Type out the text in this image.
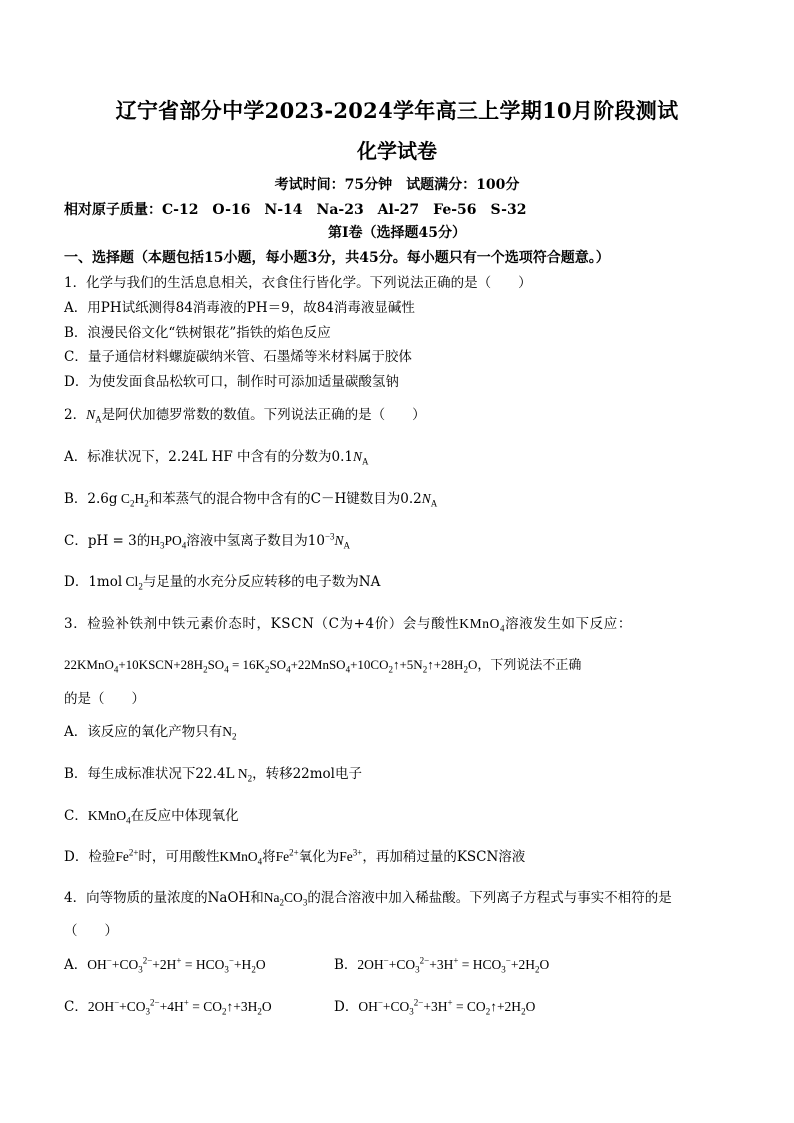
辽宁省部分中学2023-2024学年高三上学期10月阶段测试
化学试卷
考试时间：75分钟　试题满分：100分
相对原子质量：C-12　O-16　N-14　Na-23　Al-27　Fe-56　S-32
第Ⅰ卷（选择题45分）
一、选择题（本题包括15小题，每小题3分，共45分。每小题只有一个选项符合题意。）
1．化学与我们的生活息息相关，衣食住行皆化学。下列说法正确的是（　　）
A．用PH试纸测得84消毒液的PH＝9，故84消毒液显碱性
B．浪漫民俗文化“铁树银花”指铁的焰色反应
C．量子通信材料螺旋碳纳米管、石墨烯等米材料属于胶体
D．为使发面食品松软可口，制作时可添加适量碳酸氢钠
2．$N_A$是阿伏加德罗常数的数值。下列说法正确的是（　　）
A．标准状况下，2.24L HF 中含有的分数为$0.1N_A$
B．2.6g $C_2H_2$和苯蒸气的混合物中含有的C－H键数目为$0.2N_A$
C．pH = 3的$H_3PO_4$溶液中氢离子数目为$10^{-3}N_A$
D．1mol $Cl_2$与足量的水充分反应转移的电子数为NA
3．检验补铁剂中铁元素价态时，KSCN（C为+4价）会与酸性KMnO$_4$溶液发生如下反应：
$22KMnO_4+10KSCN+28H_2SO_4$ = $16K_2SO_4+22MnSO_4+10CO_2↑+5N_2↑+28H_2O$，下列说法不正确
的是（　　）
A．该反应的氧化产物只有$N_2$
B．每生成标准状况下22.4L $N_2$，转移22mol电子
C．KMnO$_4$在反应中体现氧化
D．检验$Fe^{2+}$时，可用酸性KMnO$_4$将$Fe^{2+}$氧化为$Fe^{3+}$，再加稍过量的KSCN溶液
4．向等物质的量浓度的NaOH和$Na_2CO_3$的混合溶液中加入稀盐酸。下列离子方程式与事实不相符的是
（　　）
A．$OH^-+CO_3^{2-}+2H^+ = HCO_3^-+H_2O$	B．$2OH^-+CO_3^{2-}+3H^+ = HCO_3^-+2H_2O$
C．$2OH^-+CO_3^{2-}+4H^+$ = $CO_2↑+3H_2O$	D．$OH^-+CO_3^{2-}+3H^+$ = $CO_2↑+2H_2O$
